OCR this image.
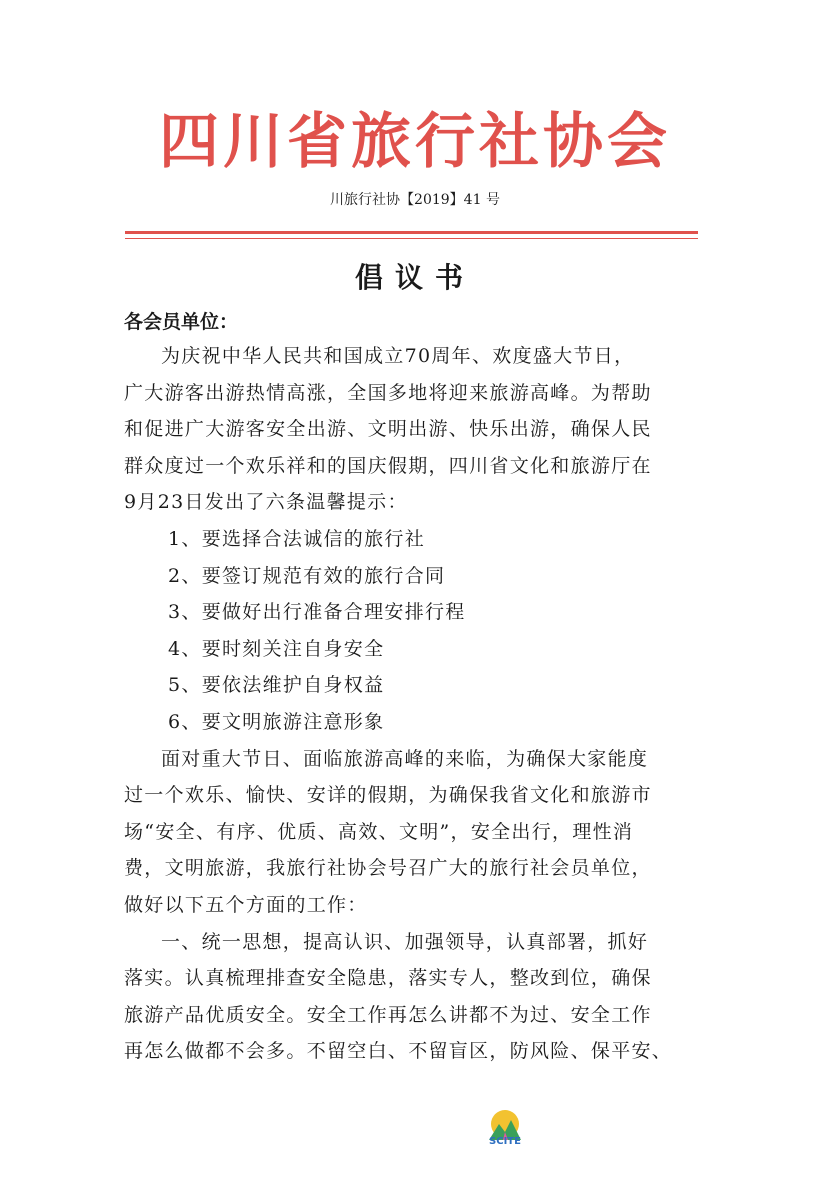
四川省旅行社协会
川旅行社协【2019】41 号
倡议书
各会员单位：
为庆祝中华人民共和国成立70周年、欢度盛大节日，
广大游客出游热情高涨，全国多地将迎来旅游高峰。为帮助
和促进广大游客安全出游、文明出游、快乐出游，确保人民
群众度过一个欢乐祥和的国庆假期，四川省文化和旅游厅在
9月23日发出了六条温馨提示：
1、要选择合法诚信的旅行社
2、要签订规范有效的旅行合同
3、要做好出行准备合理安排行程
4、要时刻关注自身安全
5、要依法维护自身权益
6、要文明旅游注意形象
面对重大节日、面临旅游高峰的来临，为确保大家能度
过一个欢乐、愉快、安详的假期，为确保我省文化和旅游市
场“安全、有序、优质、高效、文明”，安全出行，理性消
费，文明旅游，我旅行社协会号召广大的旅行社会员单位，
做好以下五个方面的工作：
一、统一思想，提高认识、加强领导，认真部署，抓好
落实。认真梳理排查安全隐患，落实专人，整改到位，确保
旅游产品优质安全。安全工作再怎么讲都不为过、安全工作
再怎么做都不会多。不留空白、不留盲区，防风险、保平安、
SCITE
